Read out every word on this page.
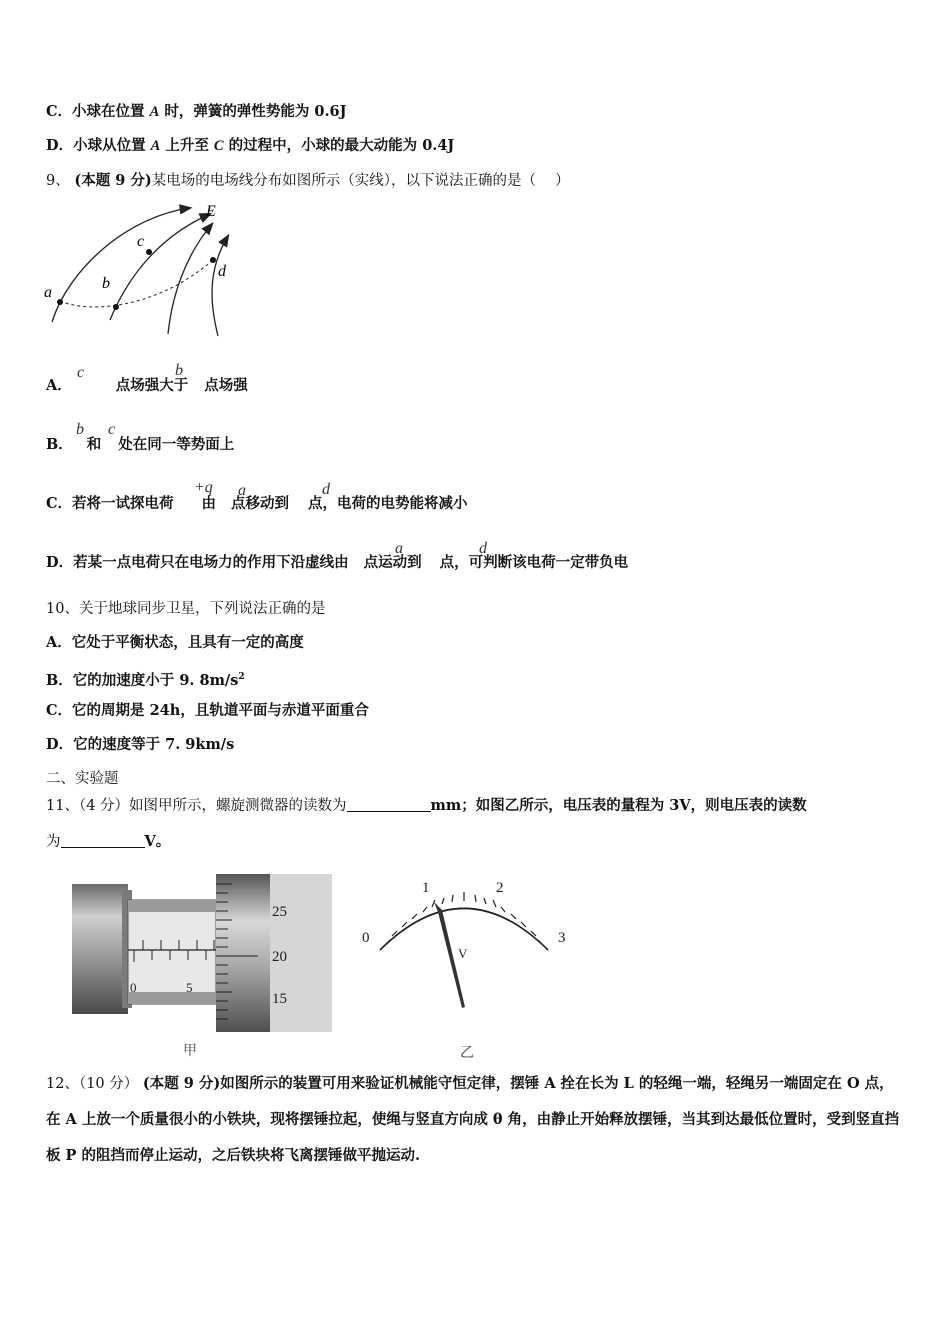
C．小球在位置 A 时，弹簧的弹性势能为 0.6J
D．小球从位置 A 上升至 C 的过程中，小球的最大动能为 0.4J
9、 (本题 9 分)某电场的电场线分布如图所示（实线），以下说法正确的是（　 ）
E
a
b
c
d
A．	点场强大于 点场强
c	b
B． 和 处在同一等势面上
b c
C．若将一试探电荷 由 点移动到 点，电荷的电势能将减小
+q a	d
D．若某一点电荷只在电场力的作用下沿虚线由 点运动到 点，可判断该电荷一定带负电
a	d
10、关于地球同步卫星，下列说法正确的是
A．它处于平衡状态，且具有一定的高度
B．它的加速度小于 9. $8m/s^2$
C．它的周期是 24h，且轨道平面与赤道平面重合
D．它的速度等于 7. 9km/s
二、实验题
11、（4 分）如图甲所示，螺旋测微器的读数为	mm；如图乙所示，电压表的量程为 3V，则电压表的读数
为	V。
25
20
15
0	5
甲
0
1	2
3
V
乙
12、（10 分） (本题 9 分)如图所示的装置可用来验证机械能守恒定律，摆锤 A 拴在长为 L 的轻绳一端，轻绳另一端固定在 O 点，在 A 上放一个质量很小的小铁块，现将摆锤拉起，使绳与竖直方向成 θ 角，由静止开始释放摆锤，当其到达最低位置时，受到竖直挡板 P 的阻挡而停止运动，之后铁块将飞离摆锤做平抛运动.
